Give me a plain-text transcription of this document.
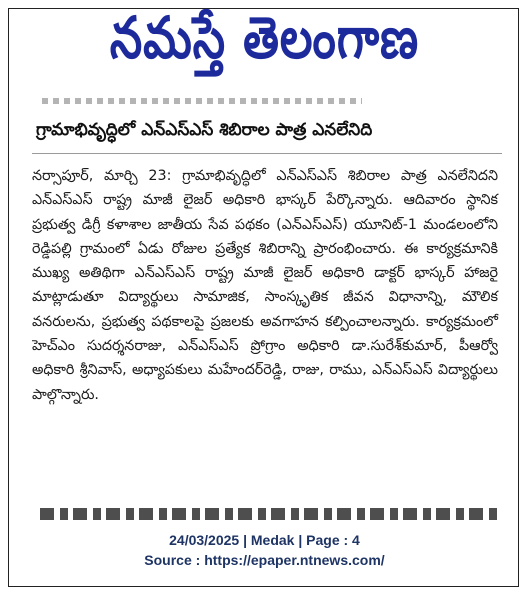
నమస్తే తెలంగాణ
గ్రామాభివృద్ధిలో ఎన్ఎస్ఎస్ శిబిరాల పాత్ర ఎనలేనిది
నర్సాపూర్, మార్చి 23: గ్రామాభివృద్ధిలో ఎన్ఎస్ఎస్ శిబిరాల పాత్ర ఎనలేనిదని ఎన్ఎస్ఎస్ రాష్ట్ర మాజీ లైజర్ అధికారి భాస్కర్ పేర్కొన్నారు. ఆదివారం స్థానిక ప్రభుత్వ డిగ్రీ కళాశాల జాతీయ సేవ పథకం (ఎన్ఎస్ఎస్) యూనిట్-1 మండలంలోని రెడ్డిపల్లి గ్రామంలో ఏడు రోజుల ప్రత్యేక శిబిరాన్ని ప్రారంభించారు. ఈ కార్యక్రమానికి ముఖ్య అతిథిగా ఎన్ఎస్ఎస్ రాష్ట్ర మాజీ లైజర్ అధికారి డాక్టర్ భాస్కర్ హాజరై మాట్లాడుతూ విద్యార్థులు సామాజిక, సాంస్కృతిక జీవన విధానాన్ని, మౌలిక వనరులను, ప్రభుత్వ పథకాలపై ప్రజలకు అవగాహన కల్పించాలన్నారు. కార్యక్రమంలో హెచ్ఎం సుదర్శనరాజు, ఎన్ఎస్ఎస్ ప్రోగ్రాం అధికారి డా.సురేశ్‌కుమార్, పీఆర్వో అధికారి శ్రీనివాస్, అధ్యాపకులు మహేందర్‌రెడ్డి, రాజు, రాము, ఎన్ఎస్ఎస్ విద్యార్థులు పాల్గొన్నారు.
24/03/2025 | Medak | Page : 4
Source : https://epaper.ntnews.com/
